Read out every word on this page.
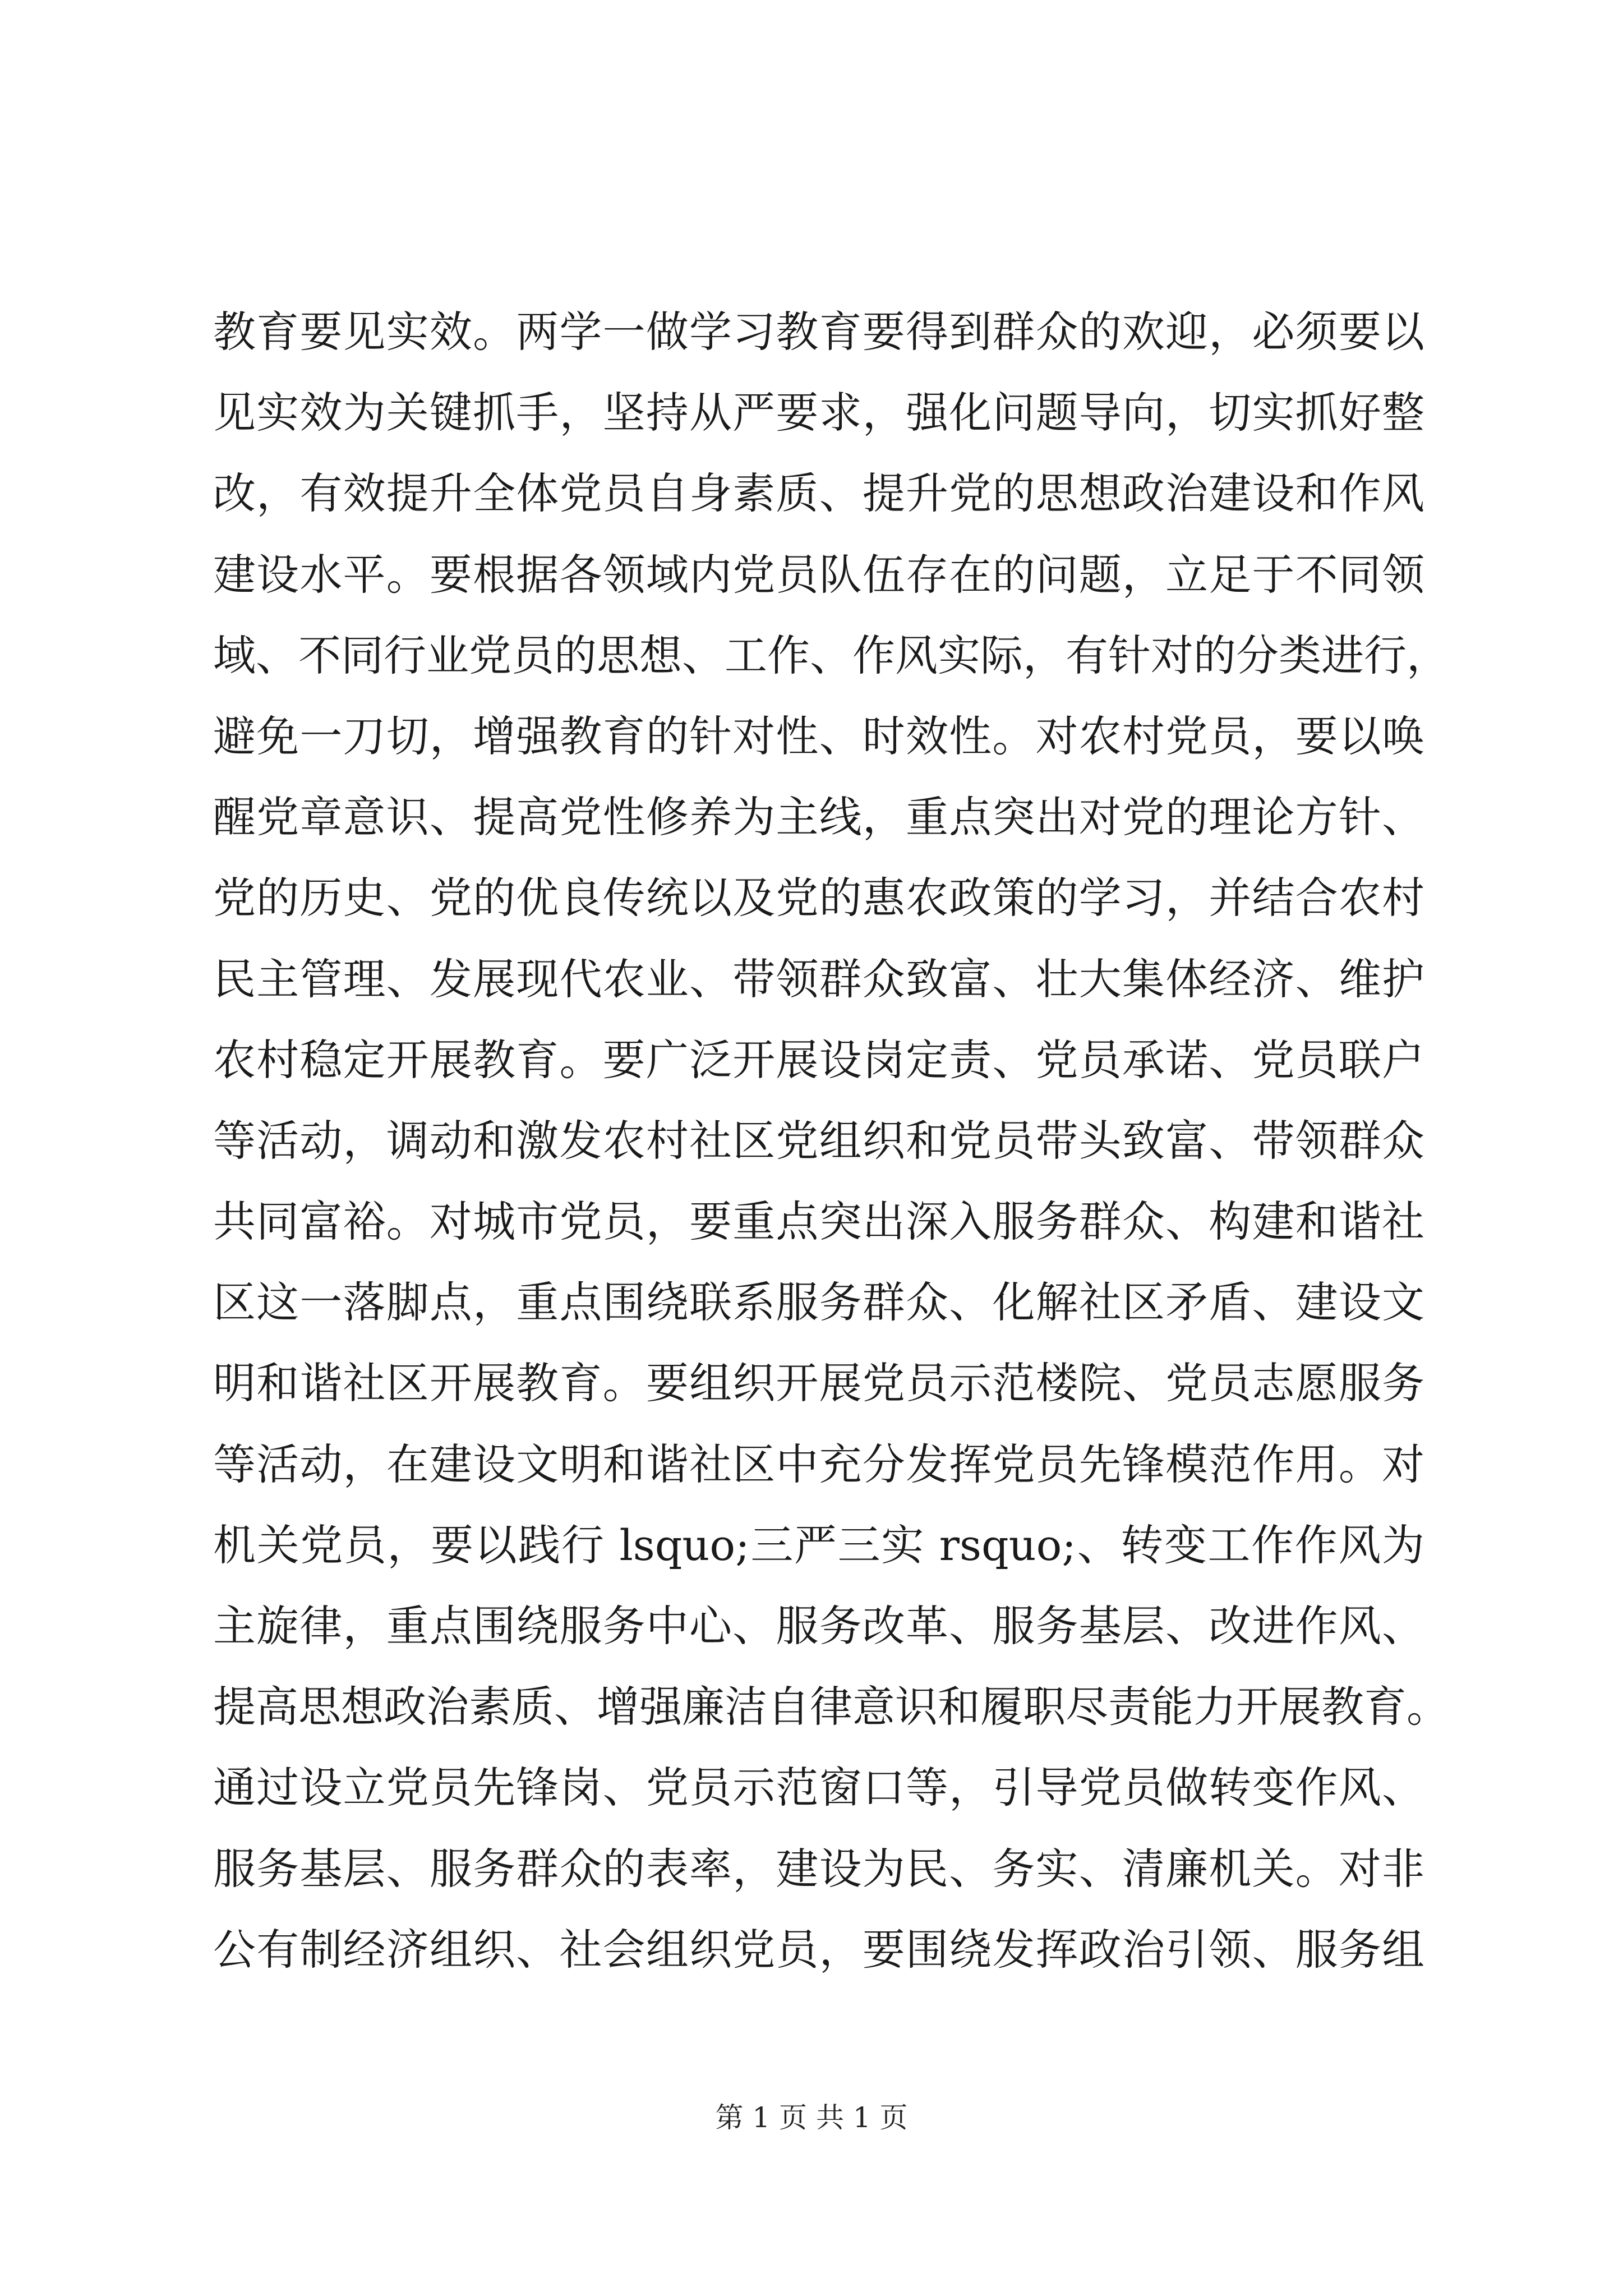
教育要见实效。两学一做学习教育要得到群众的欢迎，必须要以
见实效为关键抓手，坚持从严要求，强化问题导向，切实抓好整
改，有效提升全体党员自身素质、提升党的思想政治建设和作风
建设水平。要根据各领域内党员队伍存在的问题，立足于不同领
域、不同行业党员的思想、工作、作风实际，有针对的分类进行，
避免一刀切，增强教育的针对性、时效性。对农村党员，要以唤
醒党章意识、提高党性修养为主线，重点突出对党的理论方针、
党的历史、党的优良传统以及党的惠农政策的学习，并结合农村
民主管理、发展现代农业、带领群众致富、壮大集体经济、维护
农村稳定开展教育。要广泛开展设岗定责、党员承诺、党员联户
等活动，调动和激发农村社区党组织和党员带头致富、带领群众
共同富裕。对城市党员，要重点突出深入服务群众、构建和谐社
区这一落脚点，重点围绕联系服务群众、化解社区矛盾、建设文
明和谐社区开展教育。要组织开展党员示范楼院、党员志愿服务
等活动，在建设文明和谐社区中充分发挥党员先锋模范作用。对
机关党员，要以践行 lsquo;三严三实 rsquo;、转变工作作风为
主旋律，重点围绕服务中心、服务改革、服务基层、改进作风、
提高思想政治素质、增强廉洁自律意识和履职尽责能力开展教育。
通过设立党员先锋岗、党员示范窗口等，引导党员做转变作风、
服务基层、服务群众的表率，建设为民、务实、清廉机关。对非
公有制经济组织、社会组织党员，要围绕发挥政治引领、服务组
第 1 页 共 1 页
